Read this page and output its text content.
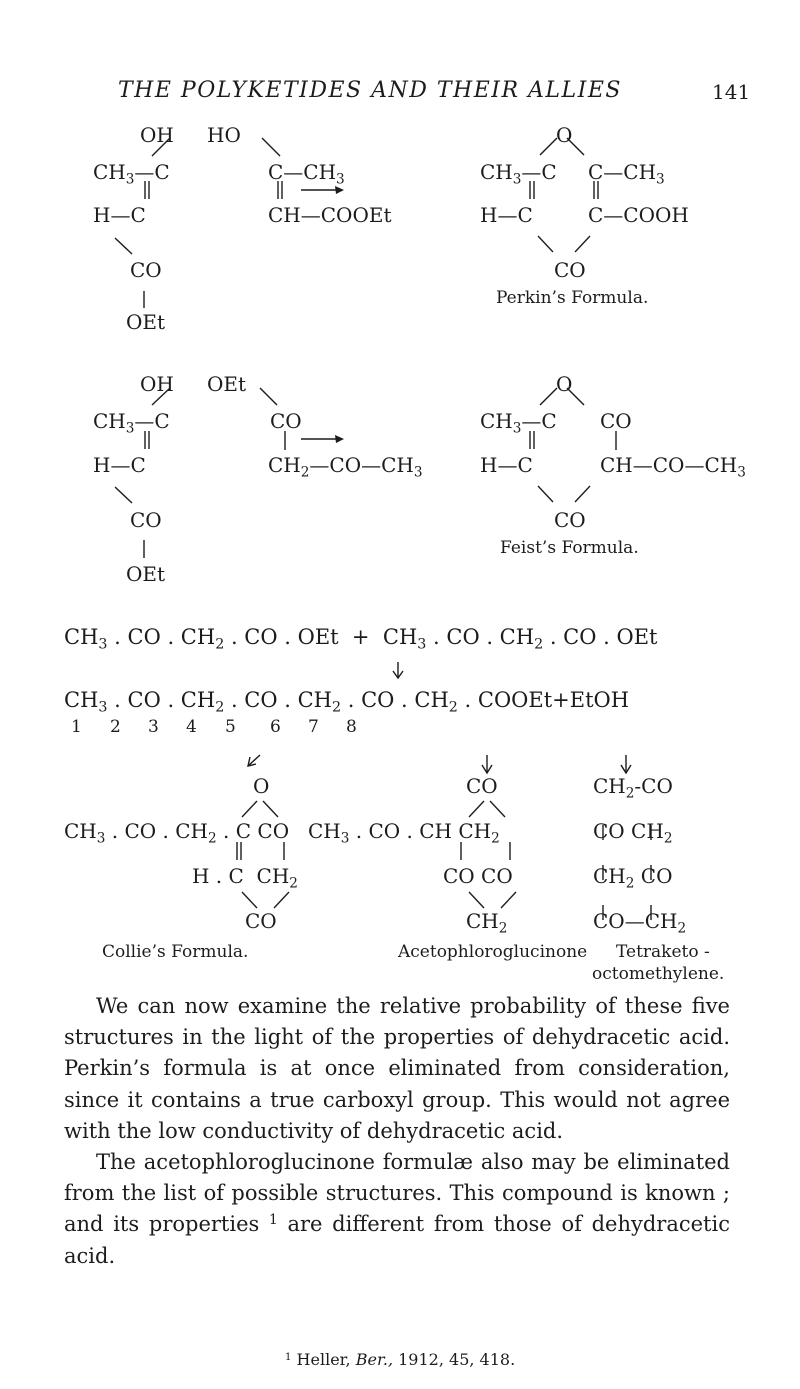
THE POLYKETIDES AND THEIR ALLIES	141
OH HO	O
$CH_3—C$	$C—CH_3$	$CH_3—C$ $C—CH_3$
H—C	CH—COOEt	H—C	C—COOH
CO	CO
Perkin’s Formula.
OEt
OH OEt	O
$CH_3—C$	CO	$CH_3—C$ CO
H—C	$CH_2—CO—CH_3$	H—C	$CH—CO—CH_3$
CO	CO
Feist’s Formula.
OEt
$CH_3$ . CO . $CH_2$ . CO . OEt  +  $CH_3$ . CO . $CH_2$ . CO . OEt
$CH_3$ . CO . $CH_2$ . CO . $CH_2$ . CO . $CH_2$ . COOEt+EtOH
1 2 3 4 5 6 7 8
O
$CH_3$ . CO . $CH_2$ . C CO
H . C $CH_2$
CO
Collie’s Formula.
CO
$CH_3$ . CO . CH $CH_2$
CO CO
$CH_2$
Acetophloroglucinone
$CH_2-CO$
CO $CH_2$
$CH_2$ CO
$CO—CH_2$
Tetraketo -
octomethylene.

We can now examine the relative probability of these five structures in the light of the properties of dehydracetic acid. Perkin’s formula is at once eliminated from consideration, since it contains a true carboxyl group. This would not agree with the low conductivity of dehydracetic acid.

The acetophloroglucinone formulæ also may be eliminated from the list of possible structures. This compound is known ; and its properties $^1$ are different from those of dehydracetic acid.

$^1$ Heller, Ber., 1912, 45, 418.
